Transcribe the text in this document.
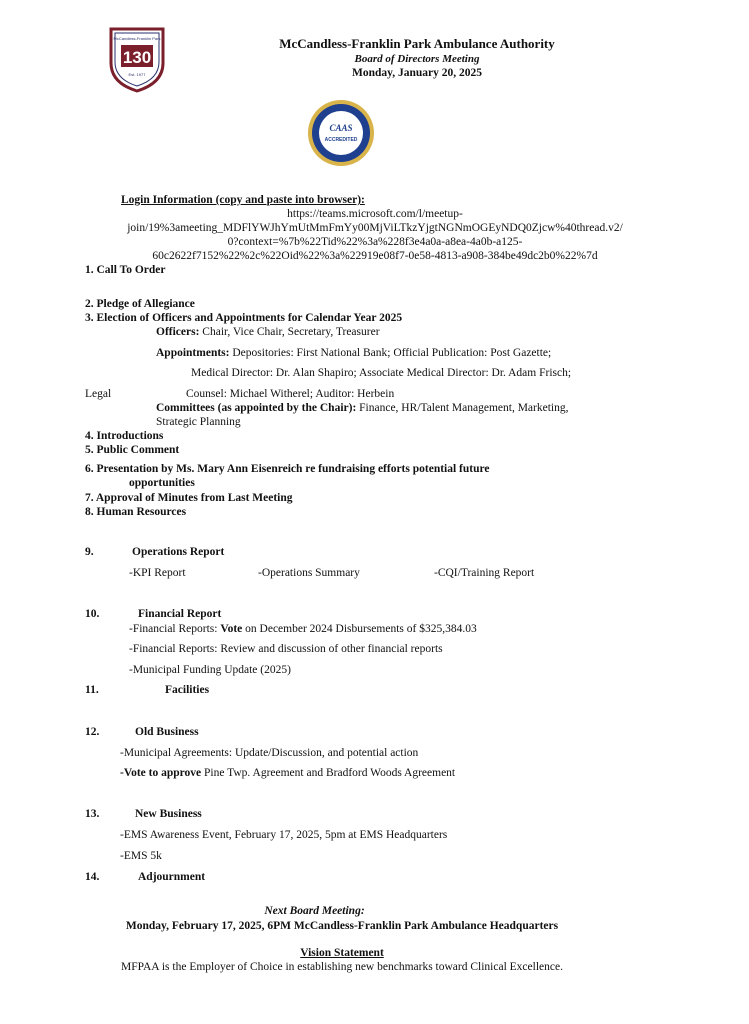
McCandless-Franklin Park
130
Est. 1977
McCandless-Franklin Park Ambulance Authority
Board of Directors Meeting
Monday, January 20, 2025
CAAS
ACCREDITED
Login Information (copy and paste into browser):
https://teams.microsoft.com/l/meetup-
join/19%3ameeting_MDFlYWJhYmUtMmFmYy00MjViLTkzYjgtNGNmOGEyNDQ0Zjcw%40thread.v2/
0?context=%7b%22Tid%22%3a%228f3e4a0a-a8ea-4a0b-a125-
60c2622f7152%22%2c%22Oid%22%3a%22919e08f7-0e58-4813-a908-384be49dc2b0%22%7d
1. Call To Order
2. Pledge of Allegiance
3. Election of Officers and Appointments for Calendar Year 2025
Officers: Chair, Vice Chair, Secretary, Treasurer
Appointments: Depositories: First National Bank; Official Publication: Post Gazette;
Medical Director: Dr. Alan Shapiro; Associate Medical Director: Dr. Adam Frisch;
Legal	Counsel: Michael Witherel; Auditor: Herbein
Committees (as appointed by the Chair): Finance, HR/Talent Management, Marketing,
Strategic Planning
4. Introductions
5. Public Comment
6. Presentation by Ms. Mary Ann Eisenreich re fundraising efforts potential future
opportunities
7. Approval of Minutes from Last Meeting
8. Human Resources
9.	Operations Report
-KPI Report	-Operations Summary	-CQI/Training Report
10.	Financial Report
-Financial Reports: Vote on December 2024 Disbursements of $325,384.03
-Financial Reports: Review and discussion of other financial reports
-Municipal Funding Update (2025)
11.	Facilities
12.	Old Business
-Municipal Agreements: Update/Discussion, and potential action
-Vote to approve Pine Twp. Agreement and Bradford Woods Agreement
13.	New Business
-EMS Awareness Event, February 17, 2025, 5pm at EMS Headquarters
-EMS 5k
14.	Adjournment
Next Board Meeting:
Monday, February 17, 2025, 6PM McCandless-Franklin Park Ambulance Headquarters
Vision Statement
MFPAA is the Employer of Choice in establishing new benchmarks toward Clinical Excellence.
